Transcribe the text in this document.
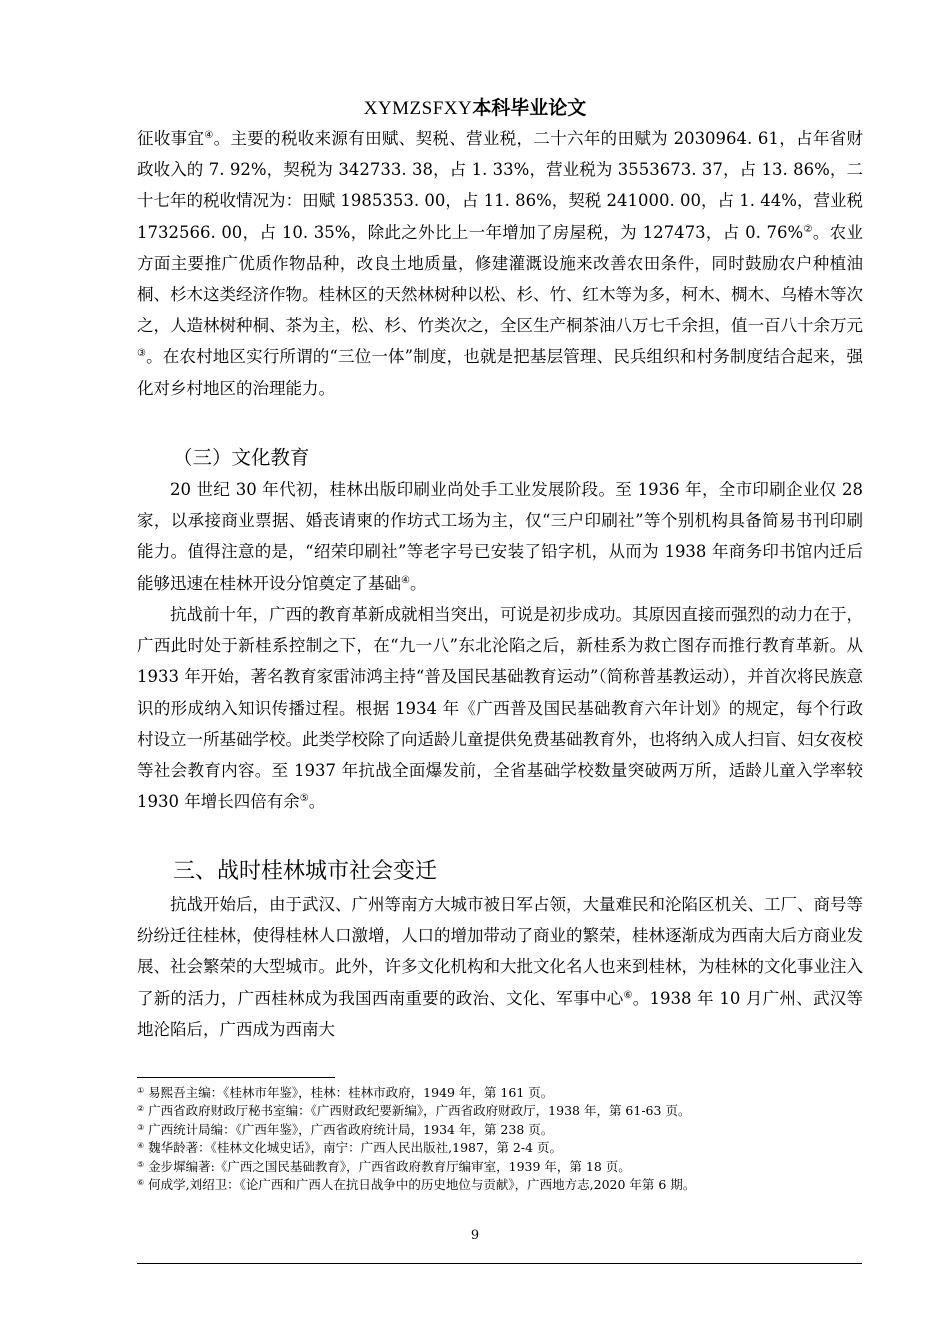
XYMZSFXY本科毕业论文
征收事宜④。主要的税收来源有田赋、契税、营业税，二十六年的田赋为 2030964. 61，占年省财政收入的 7. 92%，契税为 342733. 38，占 1. 33%，营业税为 3553673. 37，占 13. 86%，二十七年的税收情况为：田赋 1985353. 00，占 11. 86%，契税 241000. 00，占 1. 44%，营业税 1732566. 00，占 10. 35%，除此之外比上一年增加了房屋税，为 127473，占 0. 76%②。农业方面主要推广优质作物品种，改良土地质量，修建灌溉设施来改善农田条件，同时鼓励农户种植油桐、杉木这类经济作物。桂林区的天然林树种以松、杉、竹、红木等为多，柯木、椆木、乌椿木等次之，人造林树种桐、茶为主，松、杉、竹类次之，全区生产桐茶油八万七千余担，值一百八十余万元③。在农村地区实行所谓的“三位一体”制度，也就是把基层管理、民兵组织和村务制度结合起来，强化对乡村地区的治理能力。
（三）文化教育
20 世纪 30 年代初，桂林出版印刷业尚处手工业发展阶段。至 1936 年，全市印刷企业仅 28 家，以承接商业票据、婚丧请柬的作坊式工场为主，仅“三户印刷社”等个别机构具备简易书刊印刷能力。值得注意的是，“绍荣印刷社”等老字号已安装了铅字机，从而为 1938 年商务印书馆内迁后能够迅速在桂林开设分馆奠定了基础④。
抗战前十年，广西的教育革新成就相当突出，可说是初步成功。其原因直接而强烈的动力在于，广西此时处于新桂系控制之下，在“九一八”东北沦陷之后，新桂系为救亡图存而推行教育革新。从 1933 年开始，著名教育家雷沛鸿主持“普及国民基础教育运动”（简称普基教运动），并首次将民族意识的形成纳入知识传播过程。根据 1934 年《广西普及国民基础教育六年计划》的规定，每个行政村设立一所基础学校。此类学校除了向适龄儿童提供免费基础教育外，也将纳入成人扫盲、妇女夜校等社会教育内容。至 1937 年抗战全面爆发前，全省基础学校数量突破两万所，适龄儿童入学率较 1930 年增长四倍有余⑤。
三、战时桂林城市社会变迁
抗战开始后，由于武汉、广州等南方大城市被日军占领，大量难民和沦陷区机关、工厂、商号等纷纷迁往桂林，使得桂林人口激增，人口的增加带动了商业的繁荣，桂林逐渐成为西南大后方商业发展、社会繁荣的大型城市。此外，许多文化机构和大批文化名人也来到桂林，为桂林的文化事业注入了新的活力，广西桂林成为我国西南重要的政治、文化、军事中心⑥。1938 年 10 月广州、武汉等地沦陷后，广西成为西南大

① 易熙吾主编：《桂林市年鉴》，桂林：桂林市政府，1949 年，第 161 页。

② 广西省政府财政厅秘书室编：《广西财政纪要新编》，广西省政府财政厅，1938 年，第 61-63 页。

③ 广西统计局编：《广西年鉴》，广西省政府统计局，1934 年，第 238 页。

④ 魏华龄著：《桂林文化城史话》，南宁：广西人民出版社,1987，第 2-4 页。

⑤ 金步墀编著:《广西之国民基础教育》，广西省政府教育厅编审室，1939 年，第 18 页。

⑥ 何成学,刘绍卫：《论广西和广西人在抗日战争中的历史地位与贡献》，广西地方志,2020 年第 6 期。

9
